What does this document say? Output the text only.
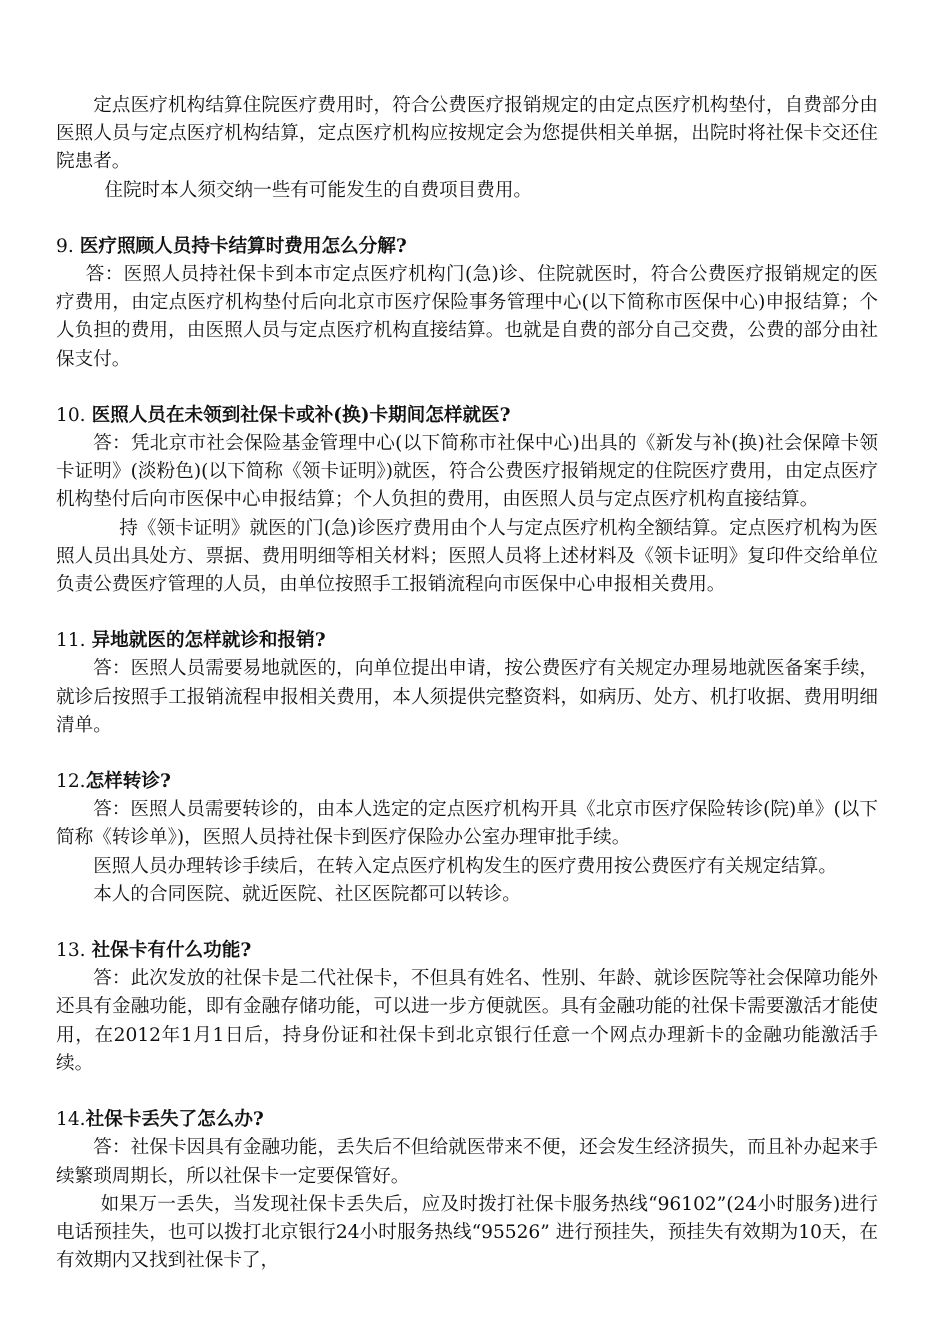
定点医疗机构结算住院医疗费用时，符合公费医疗报销规定的由定点医疗机构垫付，自费部分由医照人员与定点医疗机构结算，定点医疗机构应按规定会为您提供相关单据，出院时将社保卡交还住院患者。

住院时本人须交纳一些有可能发生的自费项目费用。

9. 医疗照顾人员持卡结算时费用怎么分解?

答：医照人员持社保卡到本市定点医疗机构门(急)诊、住院就医时，符合公费医疗报销规定的医疗费用，由定点医疗机构垫付后向北京市医疗保险事务管理中心(以下简称市医保中心)申报结算；个人负担的费用，由医照人员与定点医疗机构直接结算。也就是自费的部分自己交费，公费的部分由社保支付。

10. 医照人员在未领到社保卡或补(换)卡期间怎样就医?

答：凭北京市社会保险基金管理中心(以下简称市社保中心)出具的《新发与补(换)社会保障卡领卡证明》(淡粉色)(以下简称《领卡证明》)就医，符合公费医疗报销规定的住院医疗费用，由定点医疗机构垫付后向市医保中心申报结算；个人负担的费用，由医照人员与定点医疗机构直接结算。

持《领卡证明》就医的门(急)诊医疗费用由个人与定点医疗机构全额结算。定点医疗机构为医照人员出具处方、票据、费用明细等相关材料；医照人员将上述材料及《领卡证明》复印件交给单位负责公费医疗管理的人员，由单位按照手工报销流程向市医保中心申报相关费用。

11. 异地就医的怎样就诊和报销?

答：医照人员需要易地就医的，向单位提出申请，按公费医疗有关规定办理易地就医备案手续，就诊后按照手工报销流程申报相关费用，本人须提供完整资料，如病历、处方、机打收据、费用明细清单。

12.怎样转诊?

答：医照人员需要转诊的，由本人选定的定点医疗机构开具《北京市医疗保险转诊(院)单》(以下简称《转诊单》)，医照人员持社保卡到医疗保险办公室办理审批手续。

医照人员办理转诊手续后，在转入定点医疗机构发生的医疗费用按公费医疗有关规定结算。

本人的合同医院、就近医院、社区医院都可以转诊。

13. 社保卡有什么功能?

答：此次发放的社保卡是二代社保卡，不但具有姓名、性别、年龄、就诊医院等社会保障功能外还具有金融功能，即有金融存储功能，可以进一步方便就医。具有金融功能的社保卡需要激活才能使用，在2012年1月1日后，持身份证和社保卡到北京银行任意一个网点办理新卡的金融功能激活手续。

14.社保卡丢失了怎么办?

答：社保卡因具有金融功能，丢失后不但给就医带来不便，还会发生经济损失，而且补办起来手续繁琐周期长，所以社保卡一定要保管好。

如果万一丢失，当发现社保卡丢失后，应及时拨打社保卡服务热线“96102”(24小时服务)进行电话预挂失，也可以拨打北京银行24小时服务热线“95526” 进行预挂失，预挂失有效期为10天，在有效期内又找到社保卡了，
